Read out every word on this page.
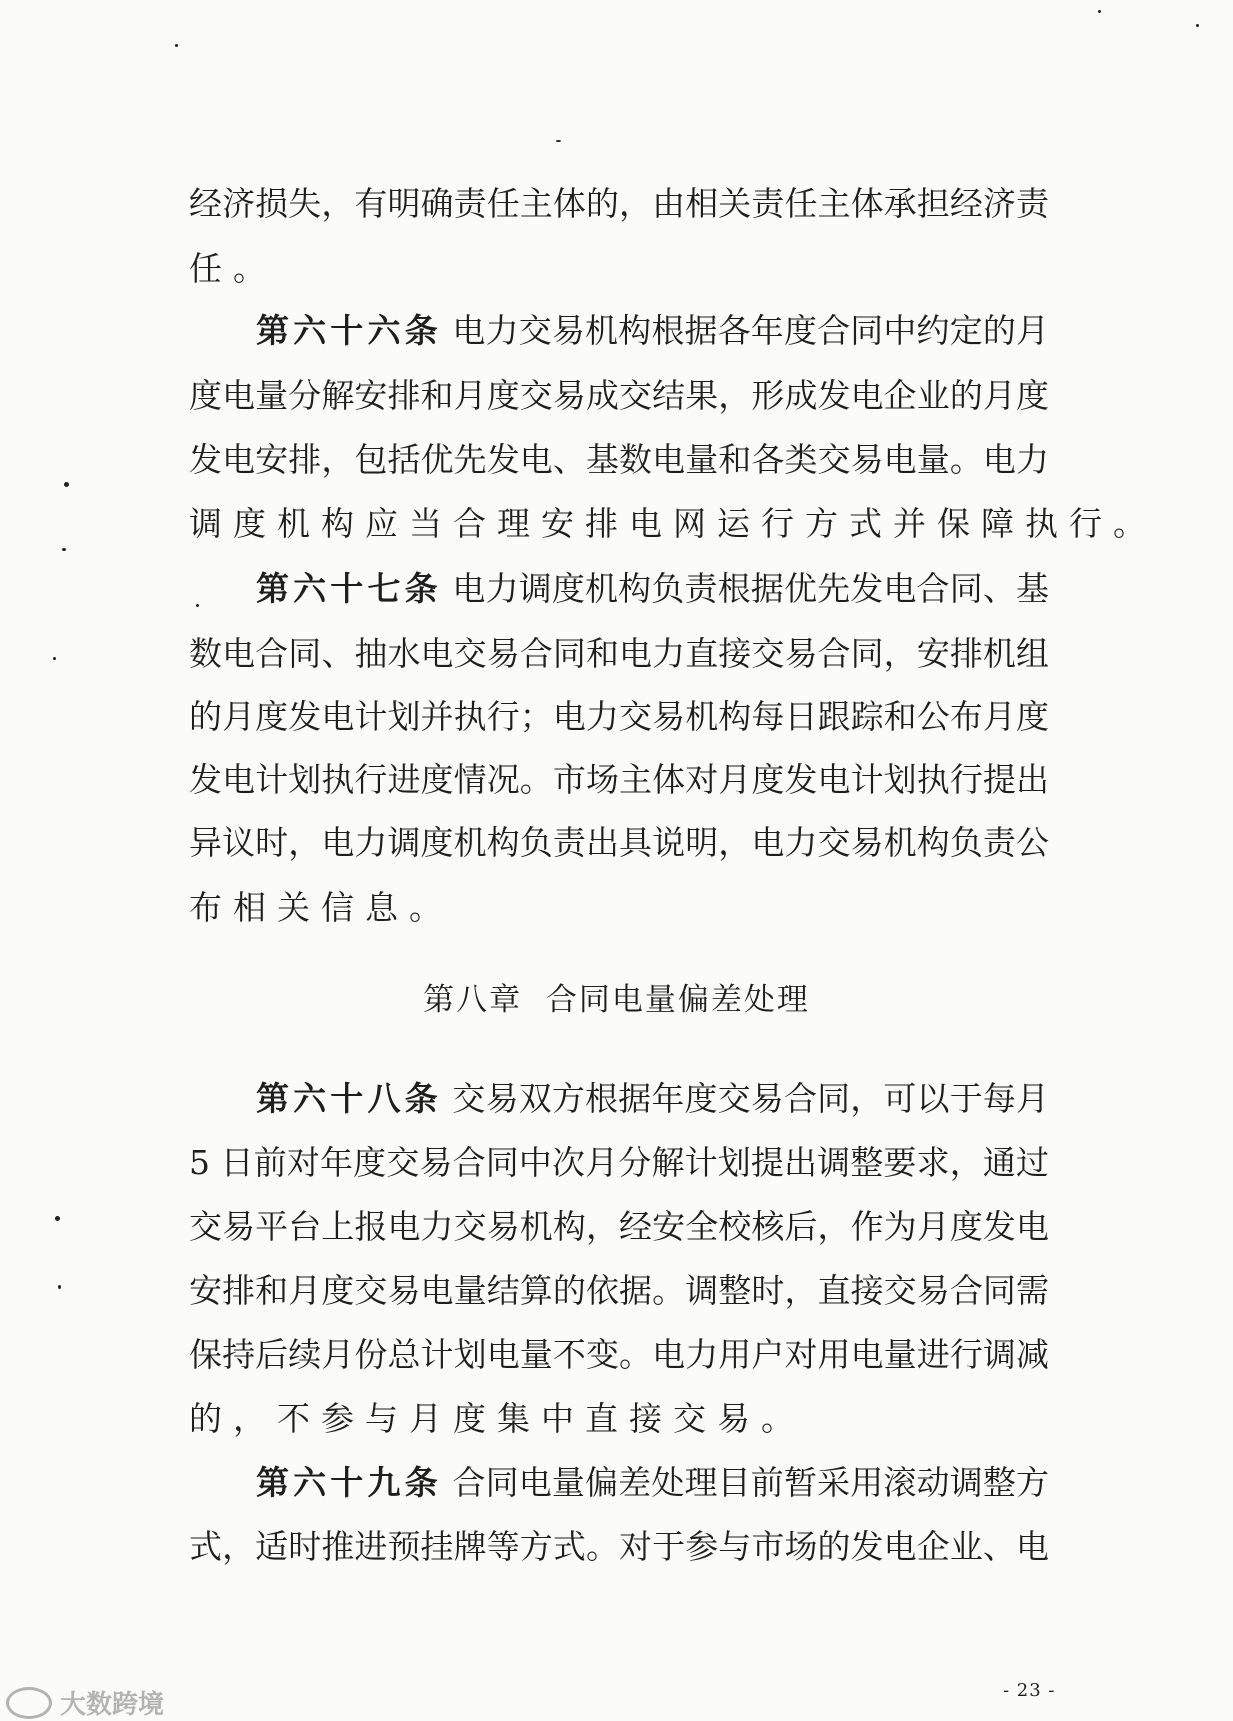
经济损失，有明确责任主体的，由相关责任主体承担经济责
任。
第六十六条 电力交易机构根据各年度合同中约定的月
度电量分解安排和月度交易成交结果，形成发电企业的月度
发电安排，包括优先发电、基数电量和各类交易电量。电力
调度机构应当合理安排电网运行方式并保障执行。
第六十七条 电力调度机构负责根据优先发电合同、基
数电合同、抽水电交易合同和电力直接交易合同，安排机组
的月度发电计划并执行；电力交易机构每日跟踪和公布月度
发电计划执行进度情况。市场主体对月度发电计划执行提出
异议时，电力调度机构负责出具说明，电力交易机构负责公
布相关信息。
第八章  合同电量偏差处理
第六十八条 交易双方根据年度交易合同，可以于每月
5 日前对年度交易合同中次月分解计划提出调整要求，通过
交易平台上报电力交易机构，经安全校核后，作为月度发电
安排和月度交易电量结算的依据。调整时，直接交易合同需
保持后续月份总计划电量不变。电力用户对用电量进行调减
的，不参与月度集中直接交易。
第六十九条 合同电量偏差处理目前暂采用滚动调整方
式，适时推进预挂牌等方式。对于参与市场的发电企业、电
- 23 -
大数跨境
